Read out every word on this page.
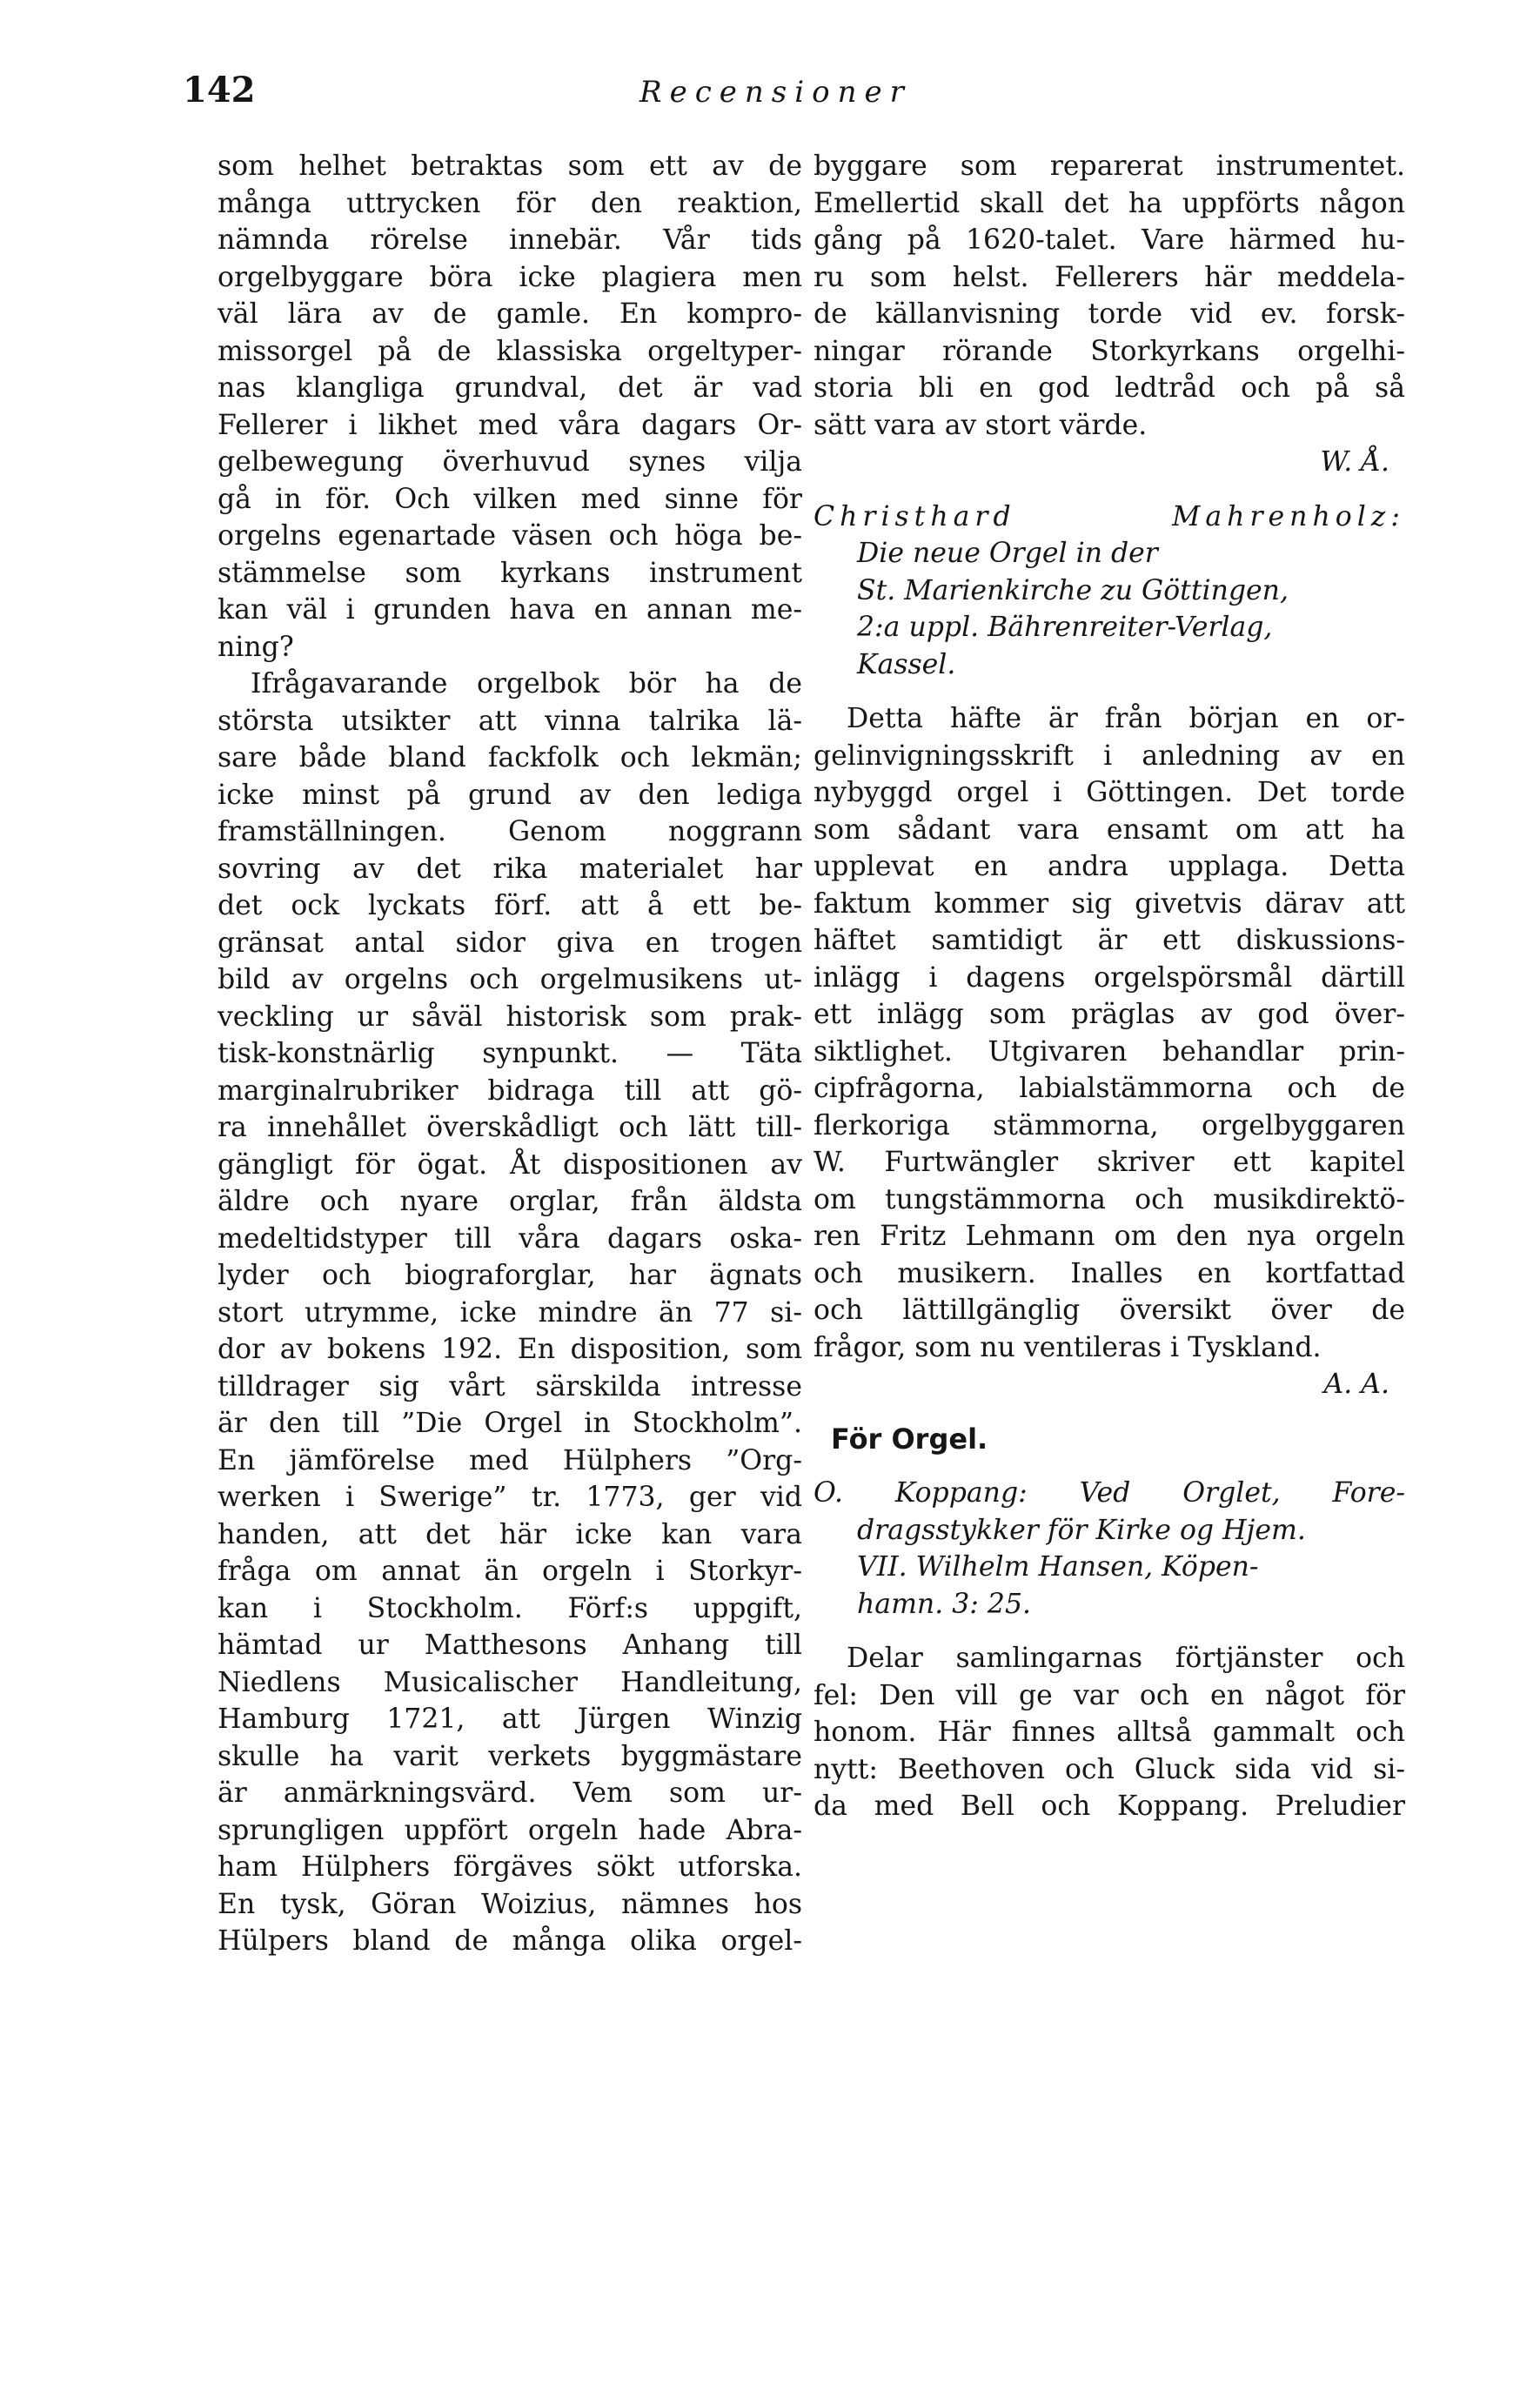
142	Recensioner
som helhet betraktas som ett av de
många uttrycken för den reaktion,
nämnda rörelse innebär. Vår tids
orgelbyggare böra icke plagiera men
väl lära av de gamle. En kompro-
missorgel på de klassiska orgeltyper-
nas klangliga grundval, det är vad
Fellerer i likhet med våra dagars Or-
gelbewegung överhuvud synes vilja
gå in för. Och vilken med sinne för
orgelns egenartade väsen och höga be-
stämmelse som kyrkans instrument
kan väl i grunden hava en annan me-
ning?
Ifrågavarande orgelbok bör ha de
största utsikter att vinna talrika lä-
sare både bland fackfolk och lekmän;
icke minst på grund av den lediga
framställningen. Genom noggrann
sovring av det rika materialet har
det ock lyckats förf. att å ett be-
gränsat antal sidor giva en trogen
bild av orgelns och orgelmusikens ut-
veckling ur såväl historisk som prak-
tisk-konstnärlig synpunkt. — Täta
marginalrubriker bidraga till att gö-
ra innehållet överskådligt och lätt till-
gängligt för ögat. Åt dispositionen av
äldre och nyare orglar, från äldsta
medeltidstyper till våra dagars oska-
lyder och biograforglar, har ägnats
stort utrymme, icke mindre än 77 si-
dor av bokens 192. En disposition, som
tilldrager sig vårt särskilda intresse
är den till ”Die Orgel in Stockholm”.
En jämförelse med Hülphers ”Org-
werken i Swerige” tr. 1773, ger vid
handen, att det här icke kan vara
fråga om annat än orgeln i Storkyr-
kan i Stockholm. Förf:s uppgift,
hämtad ur Matthesons Anhang till
Niedlens Musicalischer Handleitung,
Hamburg 1721, att Jürgen Winzig
skulle ha varit verkets byggmästare
är anmärkningsvärd. Vem som ur-
sprungligen uppfört orgeln hade Abra-
ham Hülphers förgäves sökt utforska.
En tysk, Göran Woizius, nämnes hos
Hülpers bland de många olika orgel-
byggare som reparerat instrumentet.
Emellertid skall det ha uppförts någon
gång på 1620-talet. Vare härmed hu-
ru som helst. Fellerers här meddela-
de källanvisning torde vid ev. forsk-
ningar rörande Storkyrkans orgelhi-
storia bli en god ledtråd och på så
sätt vara av stort värde.
W. Å.
Christhard Mahrenholz:
Die neue Orgel in der
St. Marienkirche zu Göttingen,
2:a uppl. Bährenreiter-Verlag,
Kassel.
Detta häfte är från början en or-
gelinvigningsskrift i anledning av en
nybyggd orgel i Göttingen. Det torde
som sådant vara ensamt om att ha
upplevat en andra upplaga. Detta
faktum kommer sig givetvis därav att
häftet samtidigt är ett diskussions-
inlägg i dagens orgelspörsmål därtill
ett inlägg som präglas av god över-
siktlighet. Utgivaren behandlar prin-
cipfrågorna, labialstämmorna och de
flerkoriga stämmorna, orgelbyggaren
W. Furtwängler skriver ett kapitel
om tungstämmorna och musikdirektö-
ren Fritz Lehmann om den nya orgeln
och musikern. Inalles en kortfattad
och lättillgänglig översikt över de
frågor, som nu ventileras i Tyskland.
A. A.
För Orgel.
O. Koppang: Ved Orglet, Fore-
dragsstykker för Kirke og Hjem.
VII. Wilhelm Hansen, Köpen-
hamn. 3: 25.
Delar samlingarnas förtjänster och
fel: Den vill ge var och en något för
honom. Här finnes alltså gammalt och
nytt: Beethoven och Gluck sida vid si-
da med Bell och Koppang. Preludier
